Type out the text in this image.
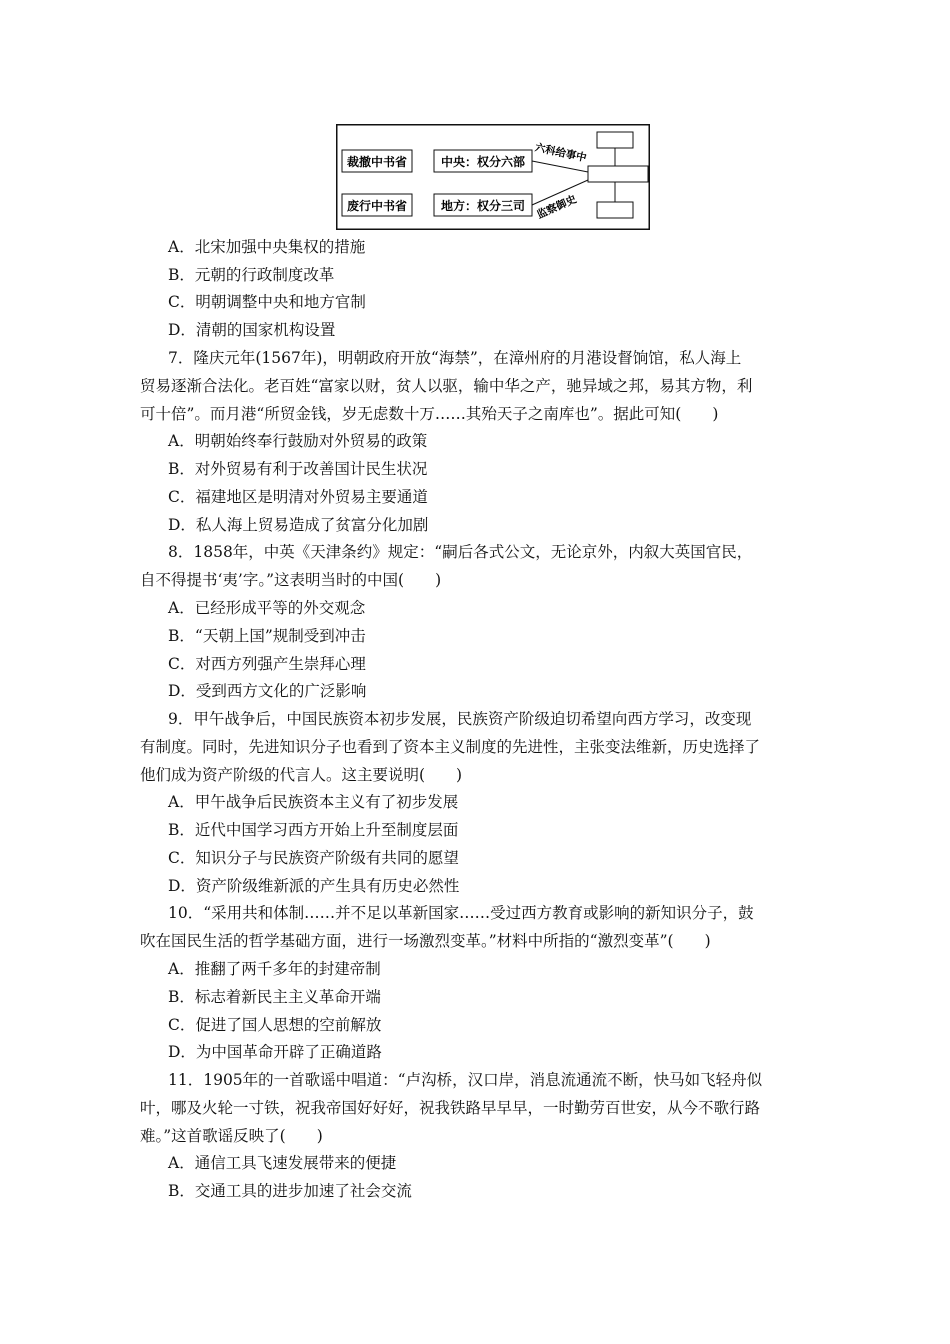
裁撤中书省
废行中书省
中央：权分六部
地方：权分三司
六科给事中
监察御史
A．北宋加强中央集权的措施
B．元朝的行政制度改革
C．明朝调整中央和地方官制
D．清朝的国家机构设置
7．隆庆元年(1567年)，明朝政府开放“海禁”，在漳州府的月港设督饷馆，私人海上
贸易逐渐合法化。老百姓“富家以财，贫人以驱，输中华之产，驰异域之邦，易其方物，利
可十倍”。而月港“所贸金钱，岁无虑数十万……其殆天子之南库也”。据此可知(　　)
A．明朝始终奉行鼓励对外贸易的政策
B．对外贸易有利于改善国计民生状况
C．福建地区是明清对外贸易主要通道
D．私人海上贸易造成了贫富分化加剧
8．1858年，中英《天津条约》规定：“嗣后各式公文，无论京外，内叙大英国官民，
自不得提书‘夷’字。”这表明当时的中国(　　)
A．已经形成平等的外交观念
B．“天朝上国”规制受到冲击
C．对西方列强产生崇拜心理
D．受到西方文化的广泛影响
9．甲午战争后，中国民族资本初步发展，民族资产阶级迫切希望向西方学习，改变现
有制度。同时，先进知识分子也看到了资本主义制度的先进性，主张变法维新，历史选择了
他们成为资产阶级的代言人。这主要说明(　　)
A．甲午战争后民族资本主义有了初步发展
B．近代中国学习西方开始上升至制度层面
C．知识分子与民族资产阶级有共同的愿望
D．资产阶级维新派的产生具有历史必然性
10．“采用共和体制……并不足以革新国家……受过西方教育或影响的新知识分子，鼓
吹在国民生活的哲学基础方面，进行一场激烈变革。”材料中所指的“激烈变革”(　　)
A．推翻了两千多年的封建帝制
B．标志着新民主主义革命开端
C．促进了国人思想的空前解放
D．为中国革命开辟了正确道路
11．1905年的一首歌谣中唱道：“卢沟桥，汉口岸，消息流通流不断，快马如飞轻舟似
叶，哪及火轮一寸铁，祝我帝国好好好，祝我铁路早早早，一时勤劳百世安，从今不歌行路
难。”这首歌谣反映了(　　)
A．通信工具飞速发展带来的便捷
B．交通工具的进步加速了社会交流
